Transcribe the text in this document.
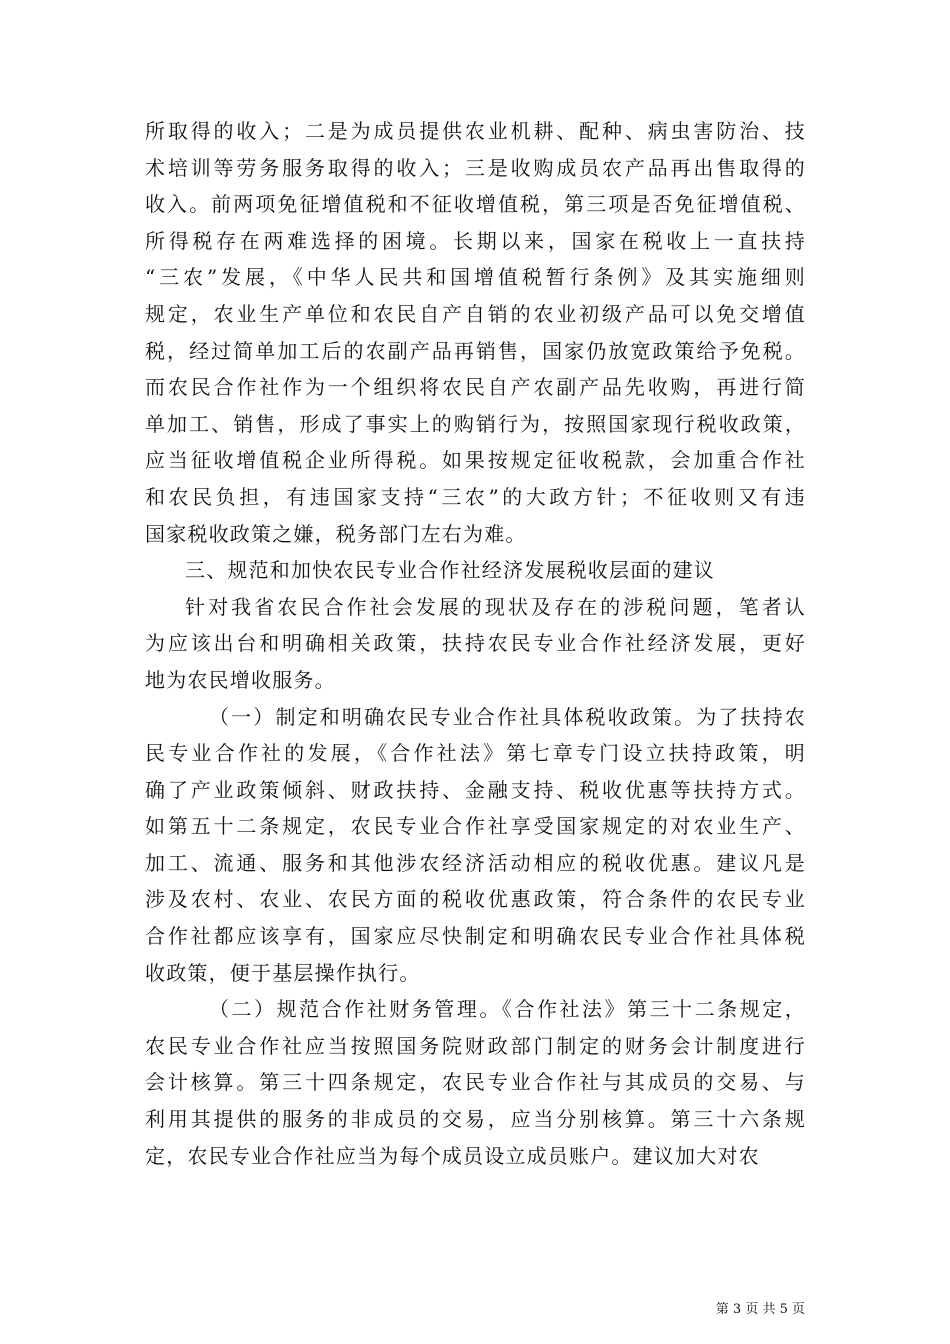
所取得的收入；二是为成员提供农业机耕、配种、病虫害防治、技
术培训等劳务服务取得的收入；三是收购成员农产品再出售取得的
收入。前两项免征增值税和不征收增值税，第三项是否免征增值税、
所得税存在两难选择的困境。长期以来，国家在税收上一直扶持
“三农”发展，《中华人民共和国增值税暂行条例》及其实施细则
规定，农业生产单位和农民自产自销的农业初级产品可以免交增值
税，经过简单加工后的农副产品再销售，国家仍放宽政策给予免税。
而农民合作社作为一个组织将农民自产农副产品先收购，再进行简
单加工、销售，形成了事实上的购销行为，按照国家现行税收政策，
应当征收增值税企业所得税。如果按规定征收税款，会加重合作社
和农民负担，有违国家支持“三农”的大政方针；不征收则又有违
国家税收政策之嫌，税务部门左右为难。
三、规范和加快农民专业合作社经济发展税收层面的建议
针对我省农民合作社会发展的现状及存在的涉税问题，笔者认
为应该出台和明确相关政策，扶持农民专业合作社经济发展，更好
地为农民增收服务。
（一）制定和明确农民专业合作社具体税收政策。为了扶持农
民专业合作社的发展，《合作社法》第七章专门设立扶持政策，明
确了产业政策倾斜、财政扶持、金融支持、税收优惠等扶持方式。
如第五十二条规定，农民专业合作社享受国家规定的对农业生产、
加工、流通、服务和其他涉农经济活动相应的税收优惠。建议凡是
涉及农村、农业、农民方面的税收优惠政策，符合条件的农民专业
合作社都应该享有，国家应尽快制定和明确农民专业合作社具体税
收政策，便于基层操作执行。
（二）规范合作社财务管理。《合作社法》第三十二条规定，
农民专业合作社应当按照国务院财政部门制定的财务会计制度进行
会计核算。第三十四条规定，农民专业合作社与其成员的交易、与
利用其提供的服务的非成员的交易，应当分别核算。第三十六条规
定，农民专业合作社应当为每个成员设立成员账户。建议加大对农
第 3 页 共 5 页
